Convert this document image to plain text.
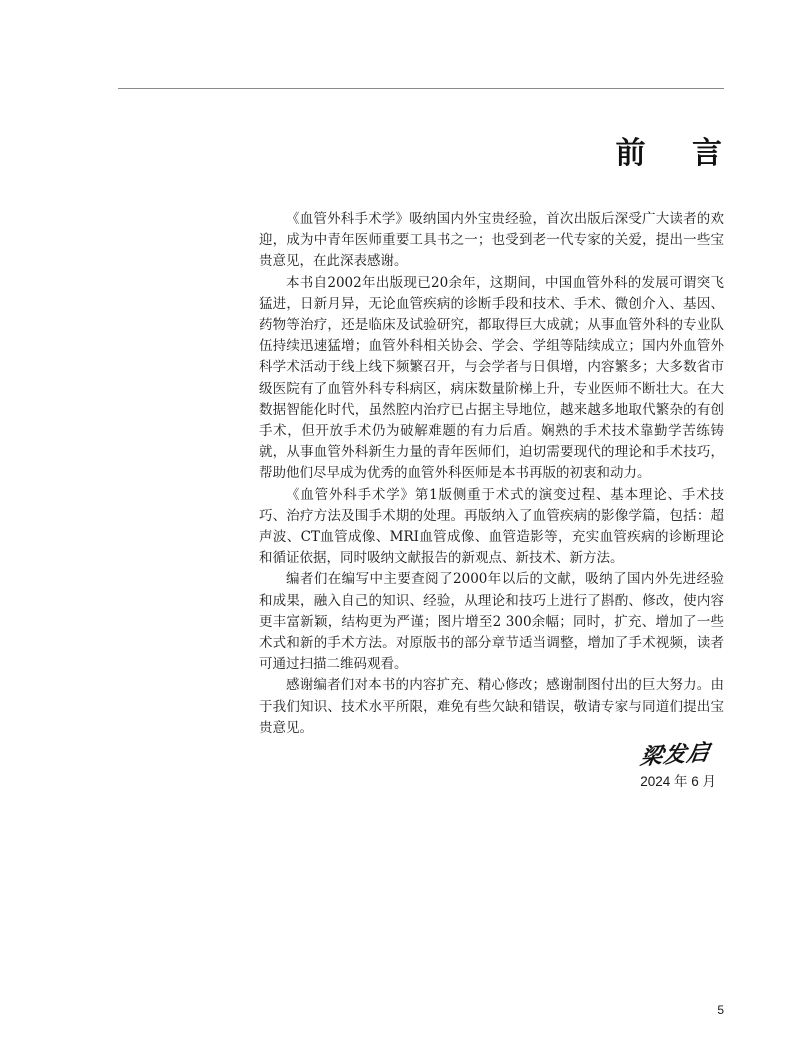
前 言

《血管外科手术学》吸纳国内外宝贵经验，首次出版后深受广大读者的欢迎，成为中青年医师重要工具书之一；也受到老一代专家的关爱，提出一些宝贵意见，在此深表感谢。

本书自2002年出版现已20余年，这期间，中国血管外科的发展可谓突飞猛进，日新月异，无论血管疾病的诊断手段和技术、手术、微创介入、基因、药物等治疗，还是临床及试验研究，都取得巨大成就；从事血管外科的专业队伍持续迅速猛增；血管外科相关协会、学会、学组等陆续成立；国内外血管外科学术活动于线上线下频繁召开，与会学者与日俱增，内容繁多；大多数省市级医院有了血管外科专科病区，病床数量阶梯上升，专业医师不断壮大。在大数据智能化时代，虽然腔内治疗已占据主导地位，越来越多地取代繁杂的有创手术，但开放手术仍为破解难题的有力后盾。娴熟的手术技术靠勤学苦练铸就，从事血管外科新生力量的青年医师们，迫切需要现代的理论和手术技巧，帮助他们尽早成为优秀的血管外科医师是本书再版的初衷和动力。

《血管外科手术学》第1版侧重于术式的演变过程、基本理论、手术技巧、治疗方法及围手术期的处理。再版纳入了血管疾病的影像学篇，包括：超声波、CT血管成像、MRI血管成像、血管造影等，充实血管疾病的诊断理论和循证依据，同时吸纳文献报告的新观点、新技术、新方法。

编者们在编写中主要查阅了2000年以后的文献，吸纳了国内外先进经验和成果，融入自己的知识、经验，从理论和技巧上进行了斟酌、修改，使内容更丰富新颖，结构更为严谨；图片增至2 300余幅；同时，扩充、增加了一些术式和新的手术方法。对原版书的部分章节适当调整，增加了手术视频，读者可通过扫描二维码观看。

感谢编者们对本书的内容扩充、精心修改；感谢制图付出的巨大努力。由于我们知识、技术水平所限，难免有些欠缺和错误，敬请专家与同道们提出宝贵意见。

梁发启
2024 年 6 月
5
